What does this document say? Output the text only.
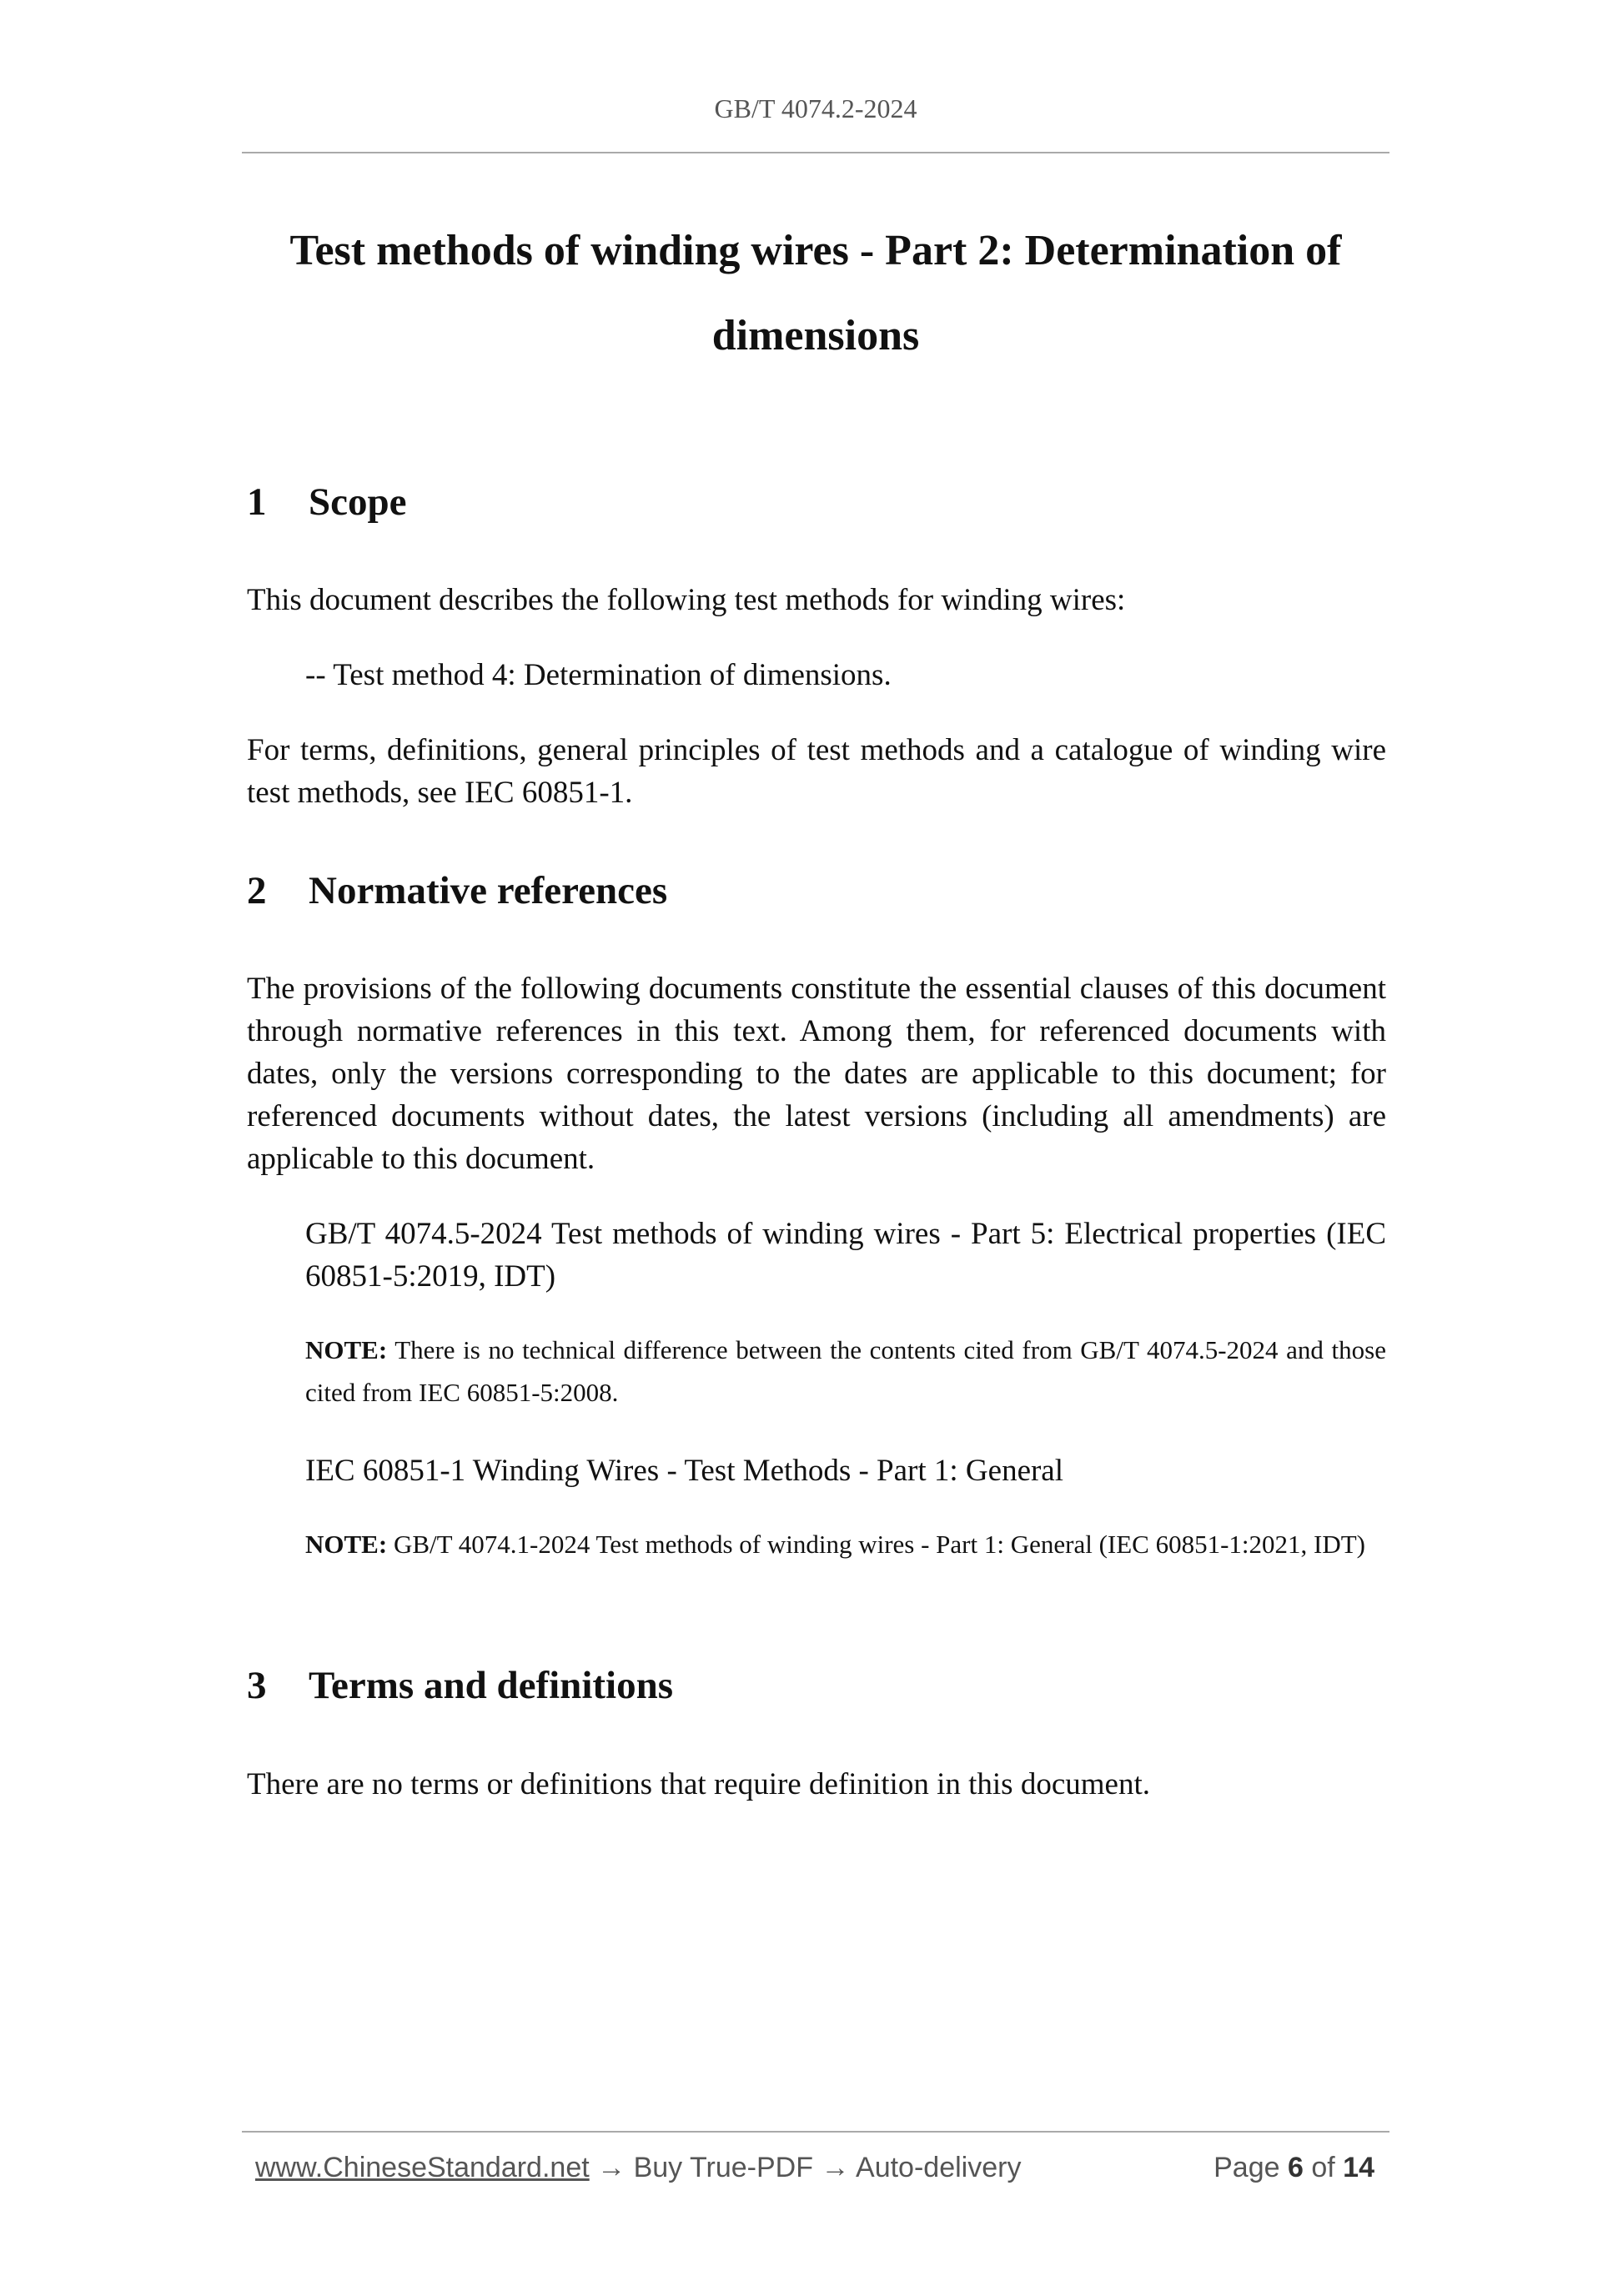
GB/T 4074.2-2024
Test methods of winding wires - Part 2: Determination of
dimensions
1 Scope

This document describes the following test methods for winding wires:

-- Test method 4: Determination of dimensions.

For terms, definitions, general principles of test methods and a catalogue of winding wire test methods, see IEC 60851-1.

2 Normative references

The provisions of the following documents constitute the essential clauses of this document through normative references in this text. Among them, for referenced documents with dates, only the versions corresponding to the dates are applicable to this document; for referenced documents without dates, the latest versions (including all amendments) are applicable to this document.

GB/T 4074.5-2024 Test methods of winding wires - Part 5: Electrical properties (IEC 60851-5:2019, IDT)

NOTE: There is no technical difference between the contents cited from GB/T 4074.5-2024 and those cited from IEC 60851-5:2008.

IEC 60851-1 Winding Wires - Test Methods - Part 1: General

NOTE: GB/T 4074.1-2024 Test methods of winding wires - Part 1: General (IEC 60851-1:2021, IDT)

3 Terms and definitions

There are no terms or definitions that require definition in this document.

www.ChineseStandard.net → Buy True-PDF → Auto-delivery	Page 6 of 14
